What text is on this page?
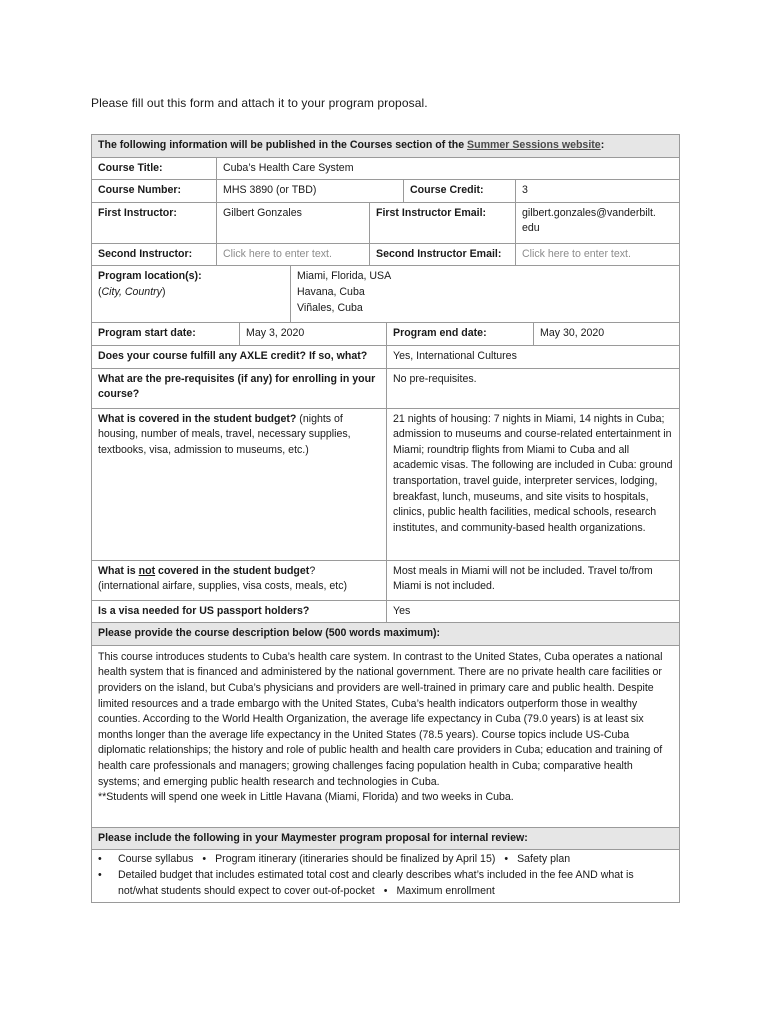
Please fill out this form and attach it to your program proposal.
The following information will be published in the Courses section of the Summer Sessions website:
Course Title:	Cuba’s Health Care System
Course Number:	MHS 3890 (or TBD)	Course Credit:	3
First Instructor:	Gilbert Gonzales	First Instructor Email:	gilbert.gonzales@vanderbilt.
edu
Second Instructor:	Click here to enter text.	Second Instructor Email:	Click here to enter text.
Program location(s):
(City, Country)
Miami, Florida, USA
Havana, Cuba
Viñales, Cuba
Program start date:	May 3, 2020	Program end date:	May 30, 2020
Does your course fulfill any AXLE credit? If so, what?	Yes, International Cultures
What are the pre-requisites (if any) for enrolling in your course?
No pre-requisites.
What is covered in the student budget? (nights of housing, number of meals, travel, necessary supplies, textbooks, visa, admission to museums, etc.)
21 nights of housing: 7 nights in Miami, 14 nights in Cuba; admission to museums and course-related entertainment in Miami; roundtrip flights from Miami to Cuba and all academic visas. The following are included in Cuba: ground transportation, travel guide, interpreter services, lodging, breakfast, lunch, museums, and site visits to hospitals, clinics, public health facilities, medical schools, research institutes, and community-based health organizations.
What is not covered in the student budget?
(international airfare, supplies, visa costs, meals, etc)
Most meals in Miami will not be included. Travel to/from Miami is not included.
Is a visa needed for US passport holders?	Yes
Please provide the course description below (500 words maximum):

This course introduces students to Cuba’s health care system. In contrast to the United States, Cuba operates a national health system that is financed and administered by the national government. There are no private health care facilities or providers on the island, but Cuba’s physicians and providers are well-trained in primary care and public health. Despite limited resources and a trade embargo with the United States, Cuba’s health indicators outperform those in wealthy counties. According to the World Health Organization, the average life expectancy in Cuba (79.0 years) is at least six months longer than the average life expectancy in the United States (78.5 years). Course topics include US-Cuba diplomatic relationships; the history and role of public health and health care providers in Cuba; education and training of health care professionals and managers; growing challenges facing population health in Cuba; comparative health systems; and emerging public health research and technologies in Cuba.

**Students will spend one week in Little Havana (Miami, Florida) and two weeks in Cuba.

Please include the following in your Maymester program proposal for internal review:
•	Course syllabus • Program itinerary (itineraries should be finalized by April 15) • Safety plan
•	Detailed budget that includes estimated total cost and clearly describes what’s included in the fee AND what is not/what students should expect to cover out-of-pocket • Maximum enrollment
